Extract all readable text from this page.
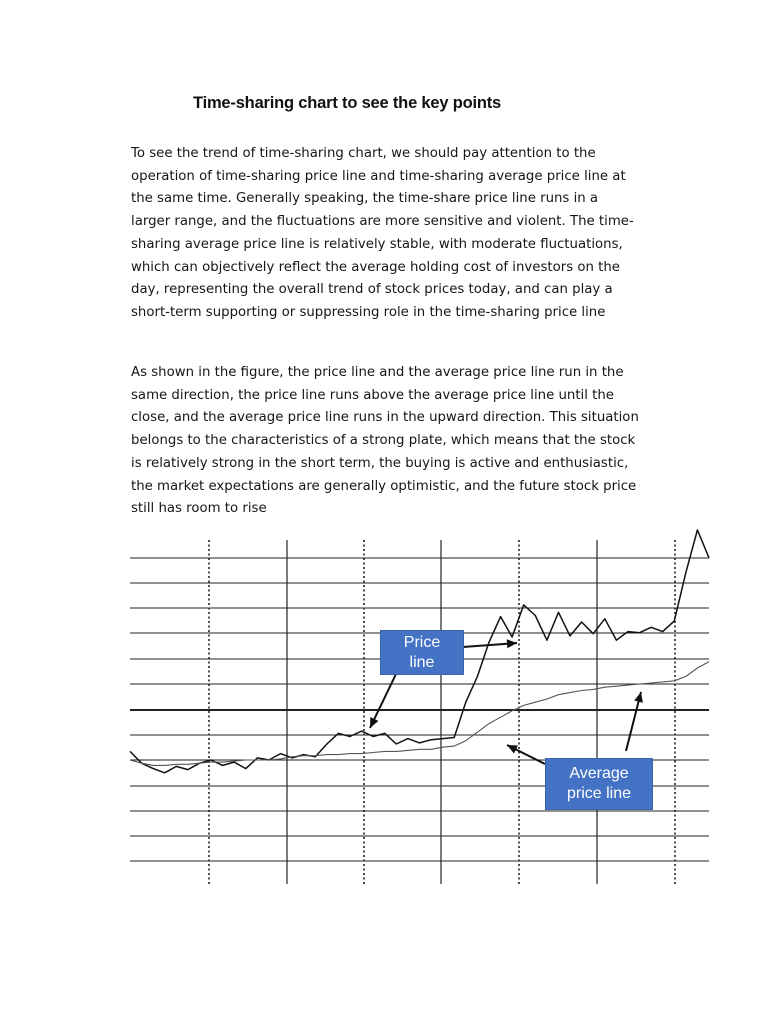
Time-sharing chart to see the key points

To see the trend of time-sharing chart, we should pay attention to the operation of time-sharing price line and time-sharing average price line at the same time. Generally speaking, the time-share price line runs in a larger range, and the fluctuations are more sensitive and violent. The time-sharing average price line is relatively stable, with moderate fluctuations, which can objectively reflect the average holding cost of investors on the day, representing the overall trend of stock prices today, and can play a short-term supporting or suppressing role in the time-sharing price line

As shown in the figure, the price line and the average price line run in the same direction, the price line runs above the average price line until the close, and the average price line runs in the upward direction. This situation belongs to the characteristics of a strong plate, which means that the stock is relatively strong in the short term, the buying is active and enthusiastic, the market expectations are generally optimistic, and the future stock price still has room to rise

Price
line
Average
price line
